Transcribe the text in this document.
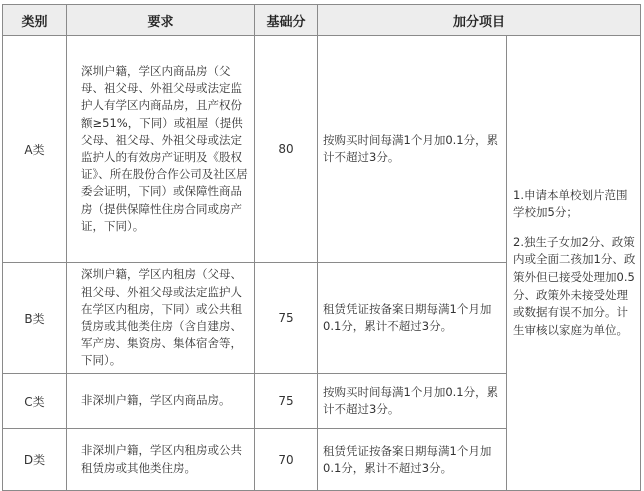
类别	要求	基础分	加分项目	
A类	深圳户籍，学区内商品房（父母、祖父母、外祖父母或法定监护人有学区内商品房，且产权份额≥51%，下同）或祖屋（提供父母、祖父母、外祖父母或法定监护人的有效房产证明及《股权证》、所在股份合作公司及社区居委会证明，下同）或保障性商品房（提供保障性住房合同或房产证，下同）。	80	按购买时间每满1个月加0.1分，累计不超过3分。	1.申请本单校划片范围学校加5分；

2.独生子女加2分、政策内或全面二孩加1分、政策外但已接受处理加0.5分、政策外未接受处理或数据有误不加分。计生审核以家庭为单位。

B类	深圳户籍，学区内租房（父母、祖父母、外祖父母或法定监护人在学区内租房，下同）或公共租赁房或其他类住房（含自建房、军产房、集资房、集体宿舍等，下同）。	75	租赁凭证按备案日期每满1个月加0.1分，累计不超过3分。	
C类	非深圳户籍，学区内商品房。	75	按购买时间每满1个月加0.1分，累计不超过3分。	
D类	非深圳户籍，学区内租房或公共租赁房或其他类住房。	70	租赁凭证按备案日期每满1个月加0.1分，累计不超过3分。	
